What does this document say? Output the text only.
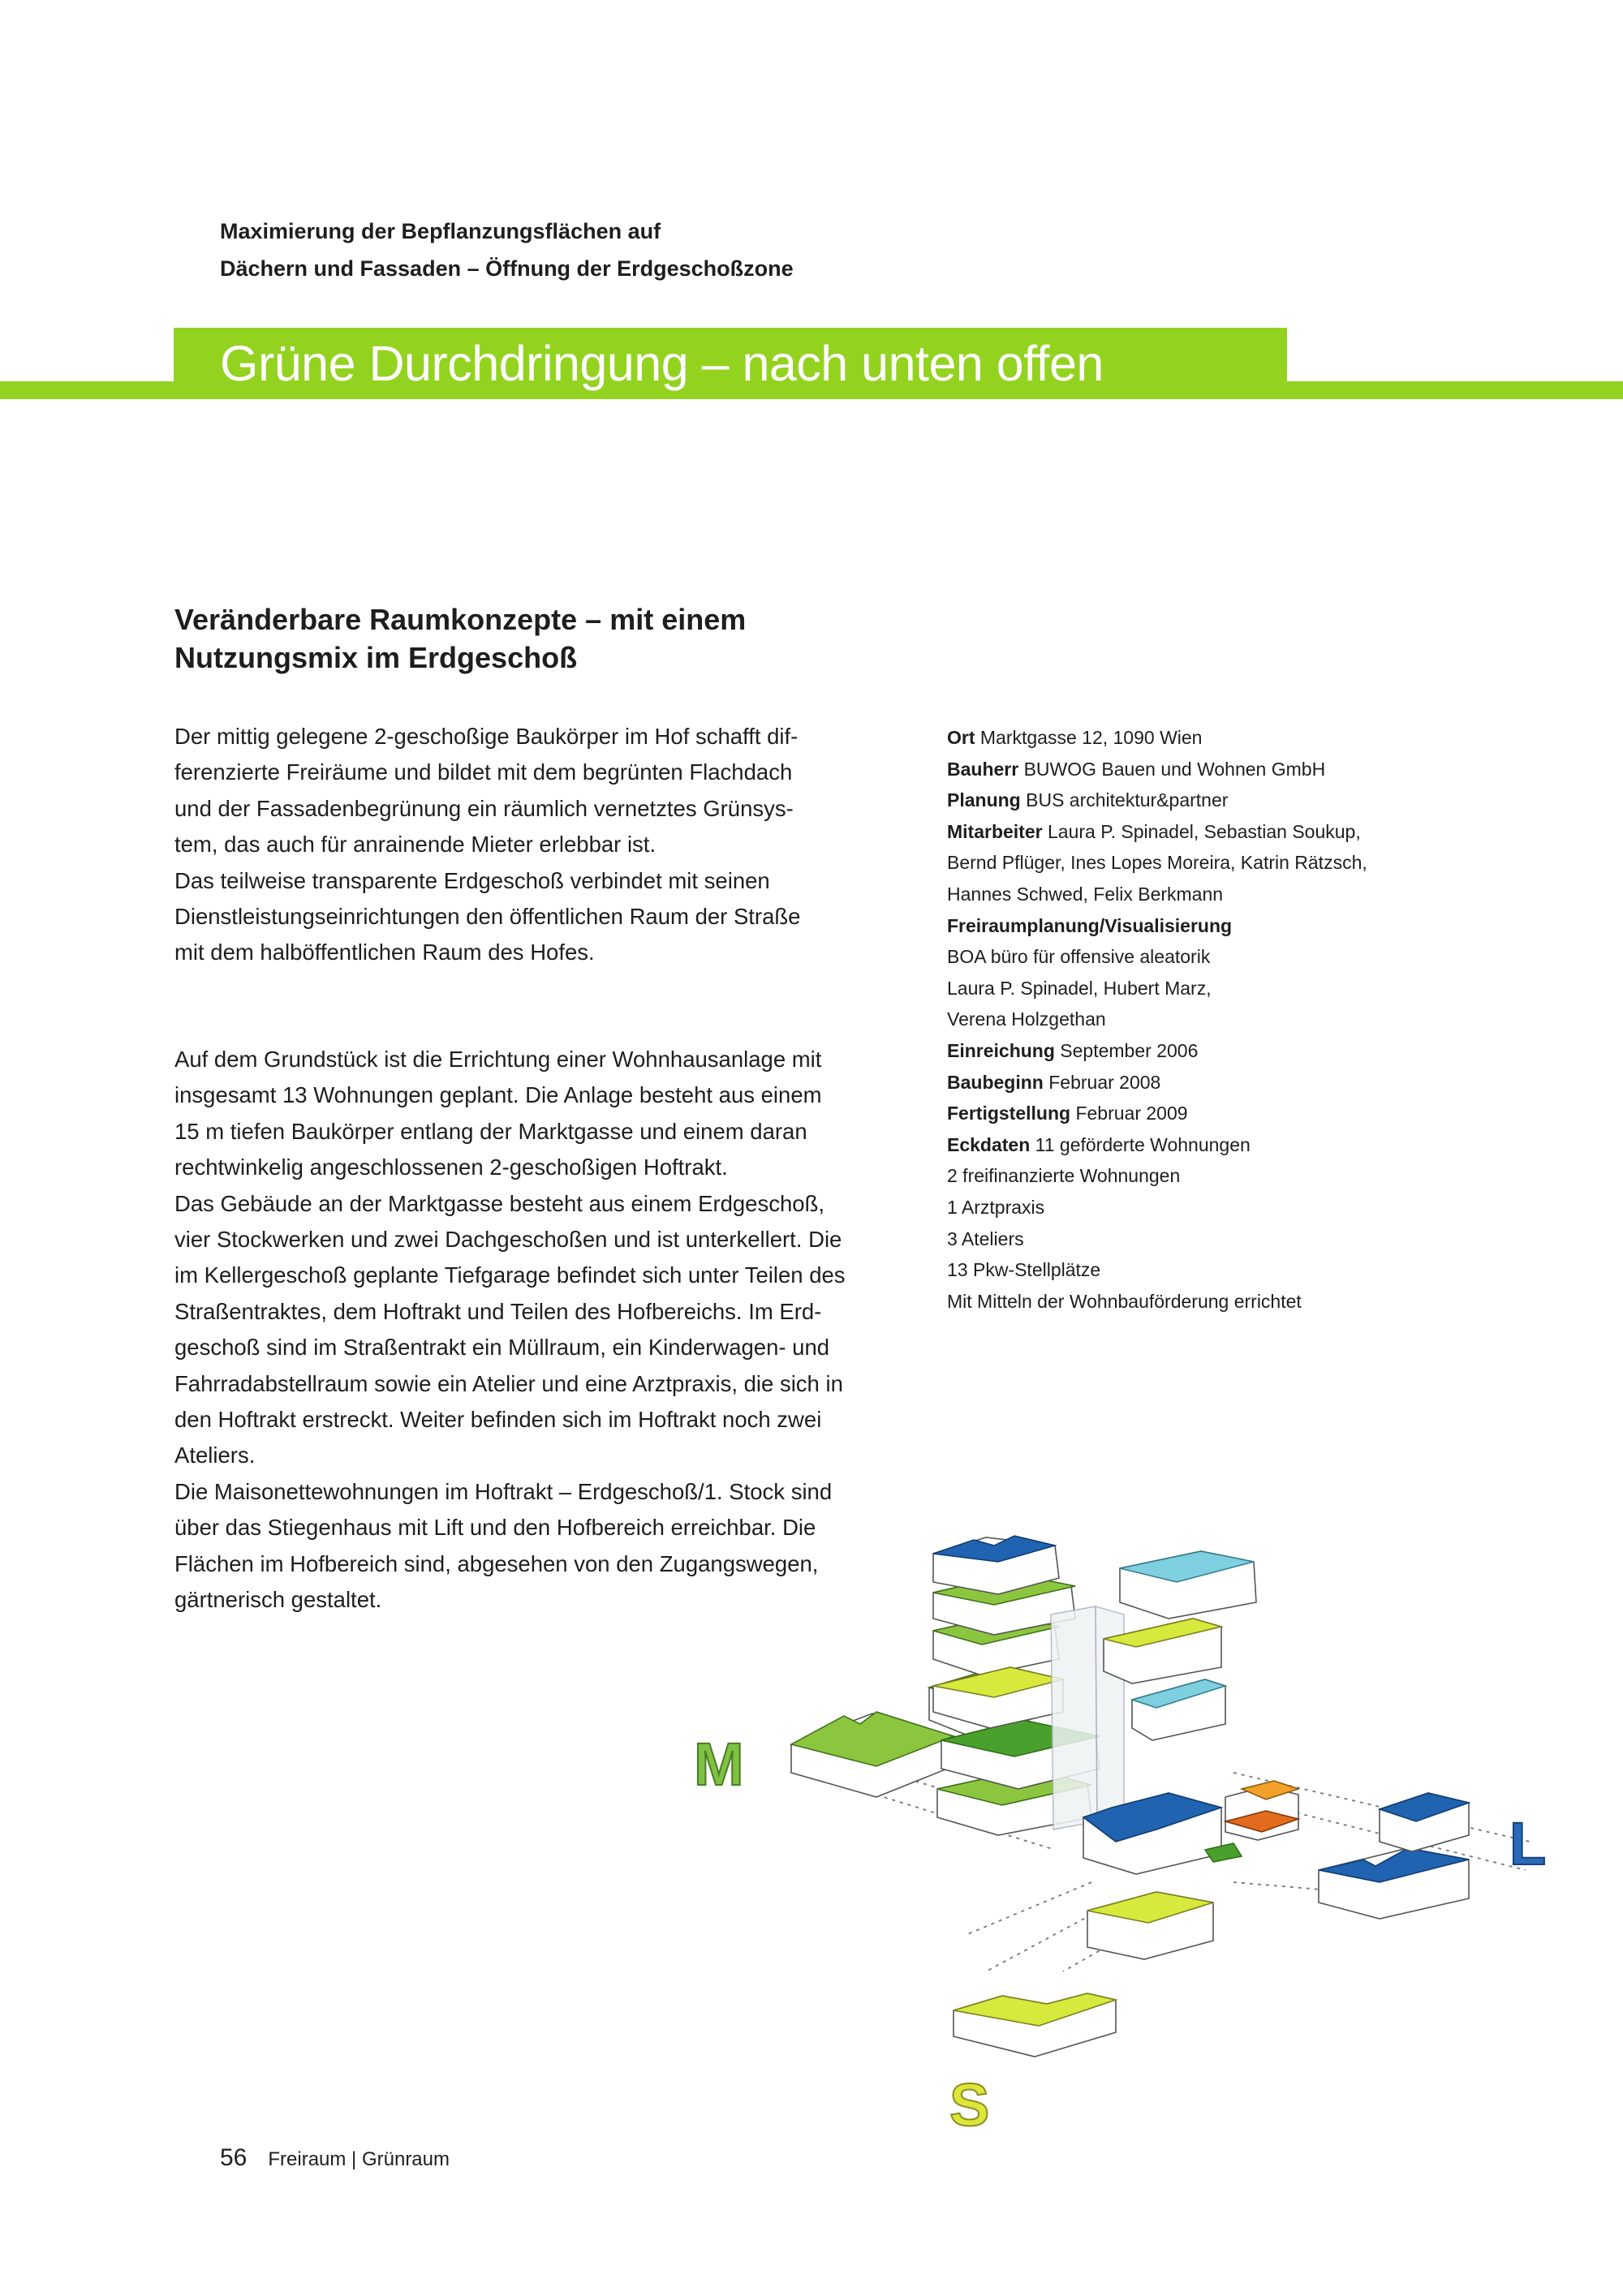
Maximierung der Bepflanzungsflächen auf
Dächern und Fassaden – Öffnung der Erdgeschoßzone
Grüne Durchdringung – nach unten offen
Veränderbare Raumkonzepte – mit einem
Nutzungsmix im Erdgeschoß
Der mittig gelegene 2-geschoßige Baukörper im Hof schafft dif-
ferenzierte Freiräume und bildet mit dem begrünten Flachdach
und der Fassadenbegrünung ein räumlich vernetztes Grünsys-
tem, das auch für anrainende Mieter erlebbar ist.
Das teilweise transparente Erdgeschoß verbindet mit seinen
Dienstleistungseinrichtungen den öffentlichen Raum der Straße
mit dem halböffentlichen Raum des Hofes.
Auf dem Grundstück ist die Errichtung einer Wohnhausanlage mit
insgesamt 13 Wohnungen geplant. Die Anlage besteht aus einem
15 m tiefen Baukörper entlang der Marktgasse und einem daran
rechtwinkelig angeschlossenen 2-geschoßigen Hoftrakt.
Das Gebäude an der Marktgasse besteht aus einem Erdgeschoß,
vier Stockwerken und zwei Dachgeschoßen und ist unterkellert. Die
im Kellergeschoß geplante Tiefgarage befindet sich unter Teilen des
Straßentraktes, dem Hoftrakt und Teilen des Hofbereichs. Im Erd-
geschoß sind im Straßentrakt ein Müllraum, ein Kinderwagen- und
Fahrradabstellraum sowie ein Atelier und eine Arztpraxis, die sich in
den Hoftrakt erstreckt. Weiter befinden sich im Hoftrakt noch zwei
Ateliers.
Die Maisonettewohnungen im Hoftrakt – Erdgeschoß/1. Stock sind
über das Stiegenhaus mit Lift und den Hofbereich erreichbar. Die
Flächen im Hofbereich sind, abgesehen von den Zugangswegen,
gärtnerisch gestaltet.
Ort Marktgasse 12, 1090 Wien
Bauherr BUWOG Bauen und Wohnen GmbH
Planung BUS architektur&partner
Mitarbeiter Laura P. Spinadel, Sebastian Soukup,
Bernd Pflüger, Ines Lopes Moreira, Katrin Rätzsch,
Hannes Schwed, Felix Berkmann
Freiraumplanung/Visualisierung
BOA büro für offensive aleatorik
Laura P. Spinadel, Hubert Marz,
Verena Holzgethan
Einreichung September 2006
Baubeginn Februar 2008
Fertigstellung Februar 2009
Eckdaten 11 geförderte Wohnungen
2 freifinanzierte Wohnungen
1 Arztpraxis
3 Ateliers
13 Pkw-Stellplätze
Mit Mitteln der Wohnbauförderung errichtet
M
L
S
56 Freiraum | Grünraum
